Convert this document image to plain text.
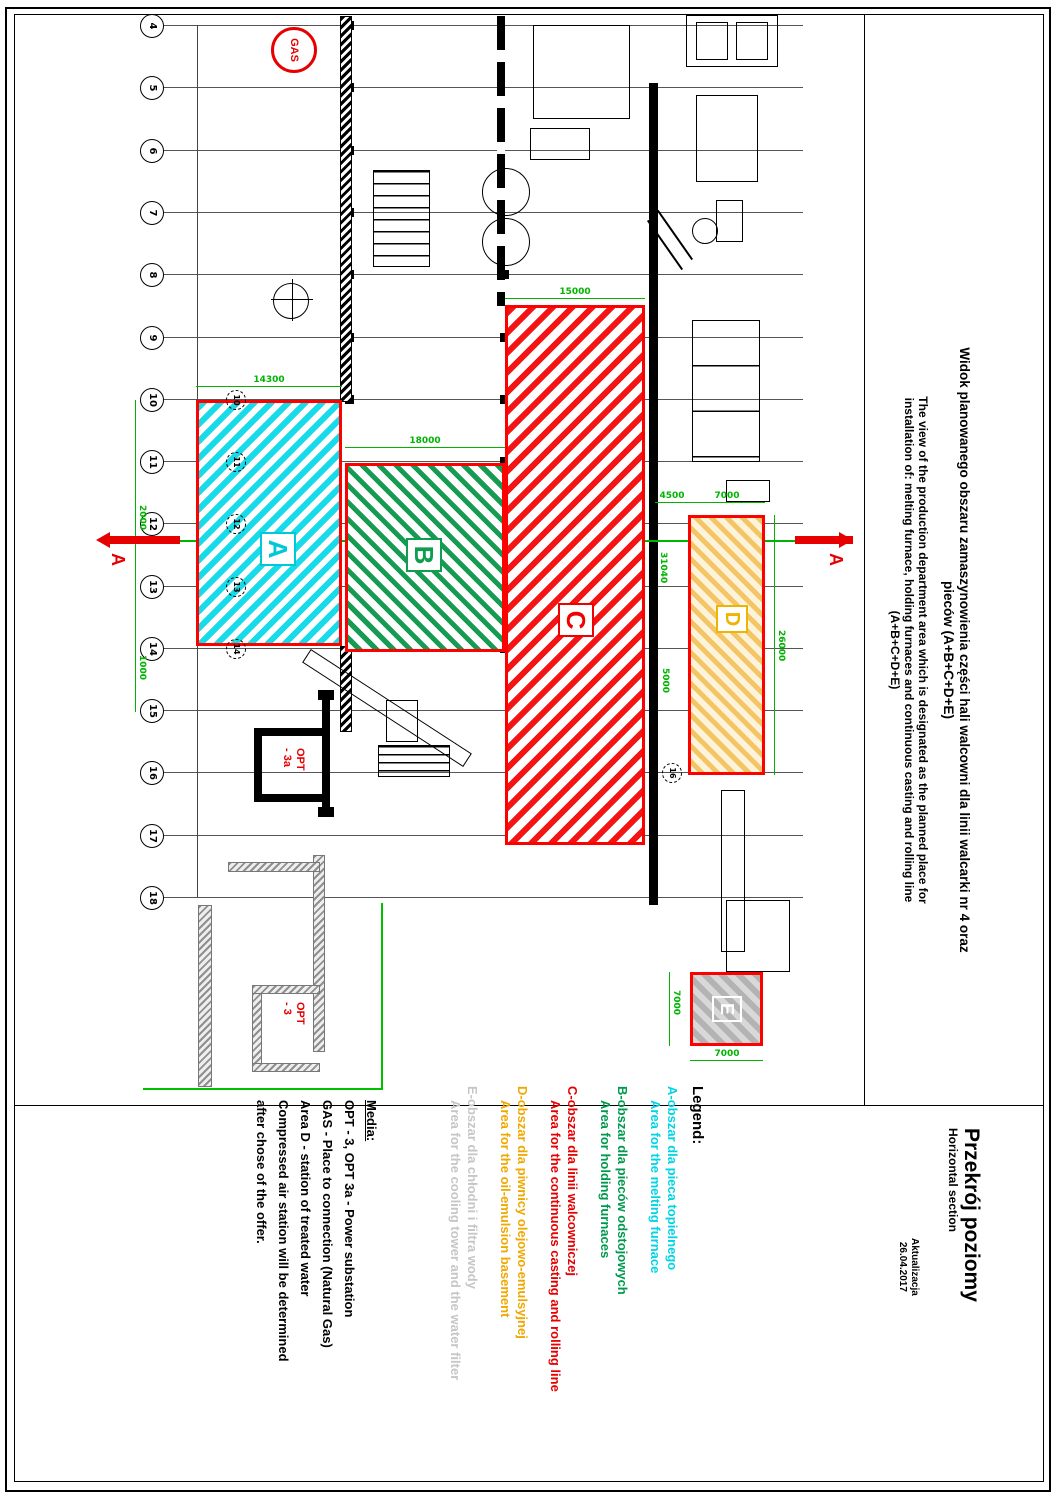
Widok planowanego obszaru zamaszynowienia części hali walcowni dla linii walcarki nr 4 oraz
pieców (A+B+C+D+E)
The view of the production department area which is designated as the planned place for
installation of: melting furnace, holding furnaces and continuous casting and rolling line
(A+B+C+D+E)
Przekrój poziomy
Horizontal section
Aktualizacja
26.04.2017
Legend:
A-obszar dla pieca topielnego
Area for the melting furnace
B-obszar dla pieców odstojowych
Area for holding furnaces
C-obszar dla linii walcowniczej
Area for the continuous casting and rolling line
D-obszar dla piwnicy olejowo-emulsyjnej
Area for the oil-emulsion basement
E-obszar dla chłodni i filtra wody
Area for the cooling tower and the water filter
Media:
OPT - 3, OPT 3a - Power substation
GAS - Place to connection (Natural Gas)
Area D - station of treated water
Compressed air station will be determined
after chose of the offer.
4
5
6
7
8
9
10
11
12
13
14
15
16
17
18
A	B
C	D
E
14300
18000
15000
7000
4500
26000
31040
5000
7000
7000
2000
1000
A	A
GAS
OPT
- 3a
OPT
- 3
10
11
12
13
14
16
